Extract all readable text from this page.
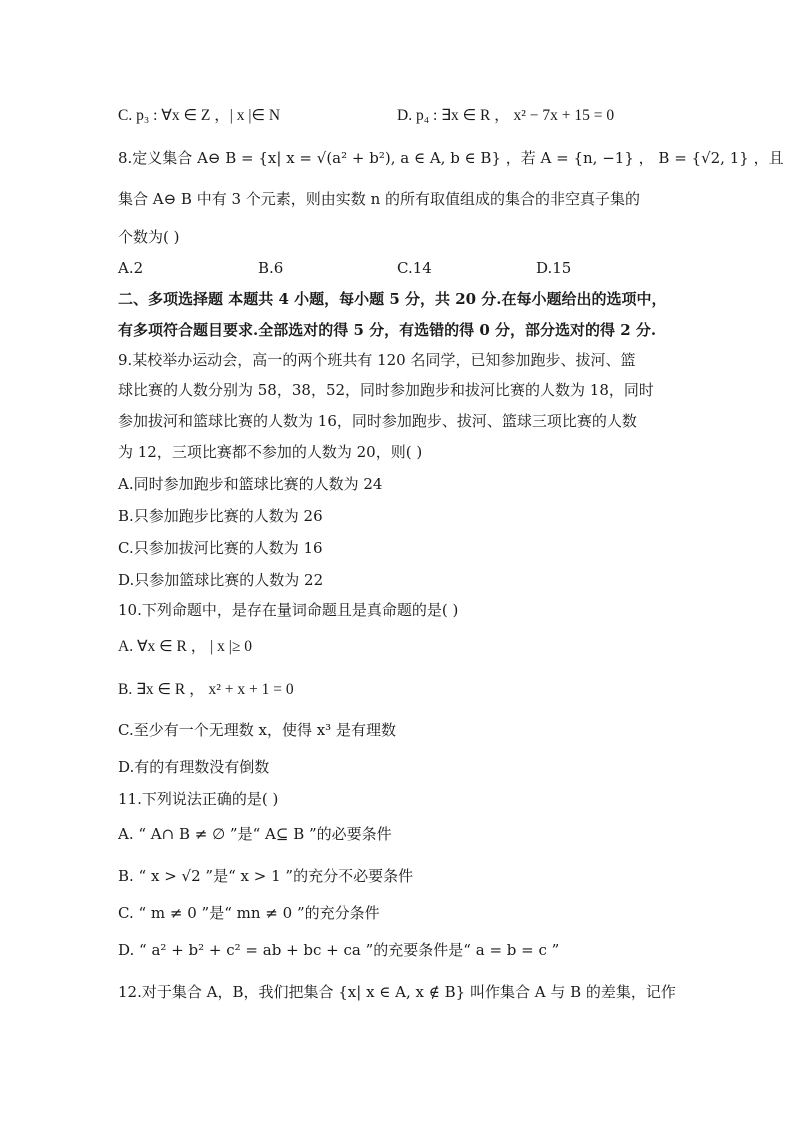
C. p₃ : ∀x ∈ Z ，| x |∈ N	D. p₄ : ∃x ∈ R ， x² − 7x + 15 = 0
8.定义集合 A⊖ B = {x| x = √(a² + b²), a ∈ A, b ∈ B} ，若 A = {n, −1} ， B = {√2, 1} ，且
集合 A⊖ B 中有 3 个元素，则由实数 n 的所有取值组成的集合的非空真子集的
个数为( )
A.2	B.6	C.14	D.15
二、多项选择题 本题共 4 小题，每小题 5 分，共 20 分.在每小题给出的选项中，
有多项符合题目要求.全部选对的得 5 分，有选错的得 0 分，部分选对的得 2 分.
9.某校举办运动会，高一的两个班共有 120 名同学，已知参加跑步、拔河、篮
球比赛的人数分别为 58，38，52，同时参加跑步和拔河比赛的人数为 18，同时
参加拔河和篮球比赛的人数为 16，同时参加跑步、拔河、篮球三项比赛的人数
为 12，三项比赛都不参加的人数为 20，则( )
A.同时参加跑步和篮球比赛的人数为 24
B.只参加跑步比赛的人数为 26
C.只参加拔河比赛的人数为 16
D.只参加篮球比赛的人数为 22
10.下列命题中，是存在量词命题且是真命题的是( )
A. ∀x ∈ R ， | x |≥ 0
B. ∃x ∈ R ， x² + x + 1 = 0
C.至少有一个无理数 x，使得 x³ 是有理数
D.有的有理数没有倒数
11.下列说法正确的是( )
A. “ A∩ B ≠ ∅ ”是“ A⊆ B ”的必要条件
B. “ x > √2 ”是“ x > 1 ”的充分不必要条件
C. “ m ≠ 0 ”是“ mn ≠ 0 ”的充分条件
D. “ a² + b² + c² = ab + bc + ca ”的充要条件是“ a = b = c ”
12.对于集合 A，B，我们把集合 {x| x ∈ A, x ∉ B} 叫作集合 A 与 B 的差集，记作
